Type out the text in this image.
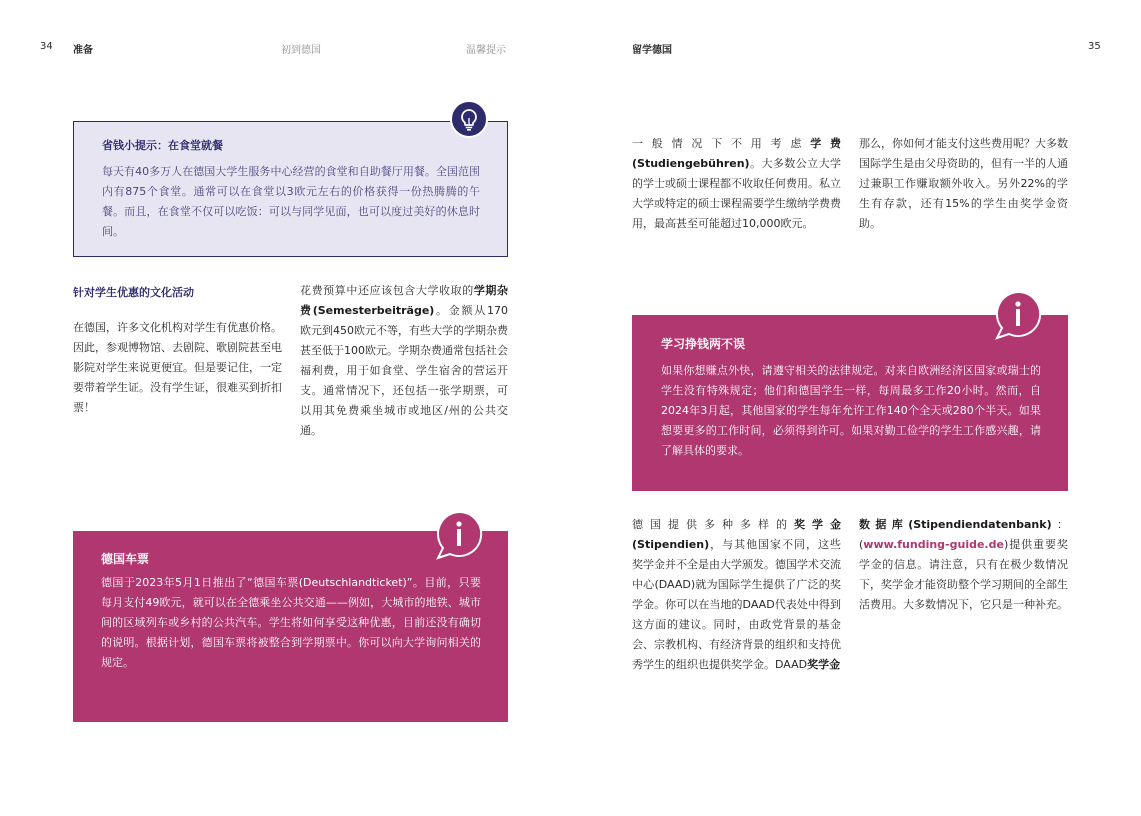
34 准备	初到德国	温馨提示	留学德国	35
省钱小提示：在食堂就餐
每天有40多万人在德国大学生服务中心经营的食堂和自助餐厅用餐。全国范围内有875个食堂。通常可以在食堂以3欧元左右的价格获得一份热腾腾的午餐。而且，在食堂不仅可以吃饭：可以与同学见面，也可以度过美好的休息时间。
针对学生优惠的文化活动
在德国，许多文化机构对学生有优惠价格。因此，参观博物馆、去剧院、歌剧院甚至电影院对学生来说更便宜。但是要记住，一定要带着学生证。没有学生证，很难买到折扣票！
花费预算中还应该包含大学收取的学期杂费(Semesterbeiträge)。金额从170欧元到450欧元不等，有些大学的学期杂费甚至低于100欧元。学期杂费通常包括社会福利费，用于如食堂、学生宿舍的营运开支。通常情况下，还包括一张学期票，可以用其免费乘坐城市或地区/州的公共交通。
德国车票
德国于2023年5月1日推出了“德国车票(Deutschlandticket)”。目前，只要每月支付49欧元，就可以在全德乘坐公共交通——例如，大城市的地铁、城市间的区域列车或乡村的公共汽车。学生将如何享受这种优惠，目前还没有确切的说明。根据计划，德国车票将被整合到学期票中。你可以向大学询问相关的规定。
一般情况下不用考虑学费(Studiengebühren)。大多数公立大学的学士或硕士课程都不收取任何费用。私立大学或特定的硕士课程需要学生缴纳学费费用，最高甚至可能超过10,000欧元。
那么，你如何才能支付这些费用呢？大多数国际学生是由父母资助的，但有一半的人通过兼职工作赚取额外收入。另外22%的学生有存款，还有15%的学生由奖学金资助。
学习挣钱两不误
如果你想赚点外快，请遵守相关的法律规定。对来自欧洲经济区国家或瑞士的学生没有特殊规定；他们和德国学生一样，每周最多工作20小时。然而，自2024年3月起，其他国家的学生每年允许工作140个全天或280个半天。如果想要更多的工作时间，必须得到许可。如果对勤工俭学的学生工作感兴趣，请了解具体的要求。
德国提供多种多样的奖学金(Stipendien)，与其他国家不同，这些奖学金并不全是由大学颁发。德国学术交流中心(DAAD)就为国际学生提供了广泛的奖学金。你可以在当地的DAAD代表处中得到这方面的建议。同时，由政党背景的基金会、宗教机构、有经济背景的组织和支持优秀学生的组织也提供奖学金。DAAD奖学金
数据库(Stipendiendatenbank)：(www.funding-guide.de)提供重要奖学金的信息。请注意，只有在极少数情况下，奖学金才能资助整个学习期间的全部生活费用。大多数情况下，它只是一种补充。
